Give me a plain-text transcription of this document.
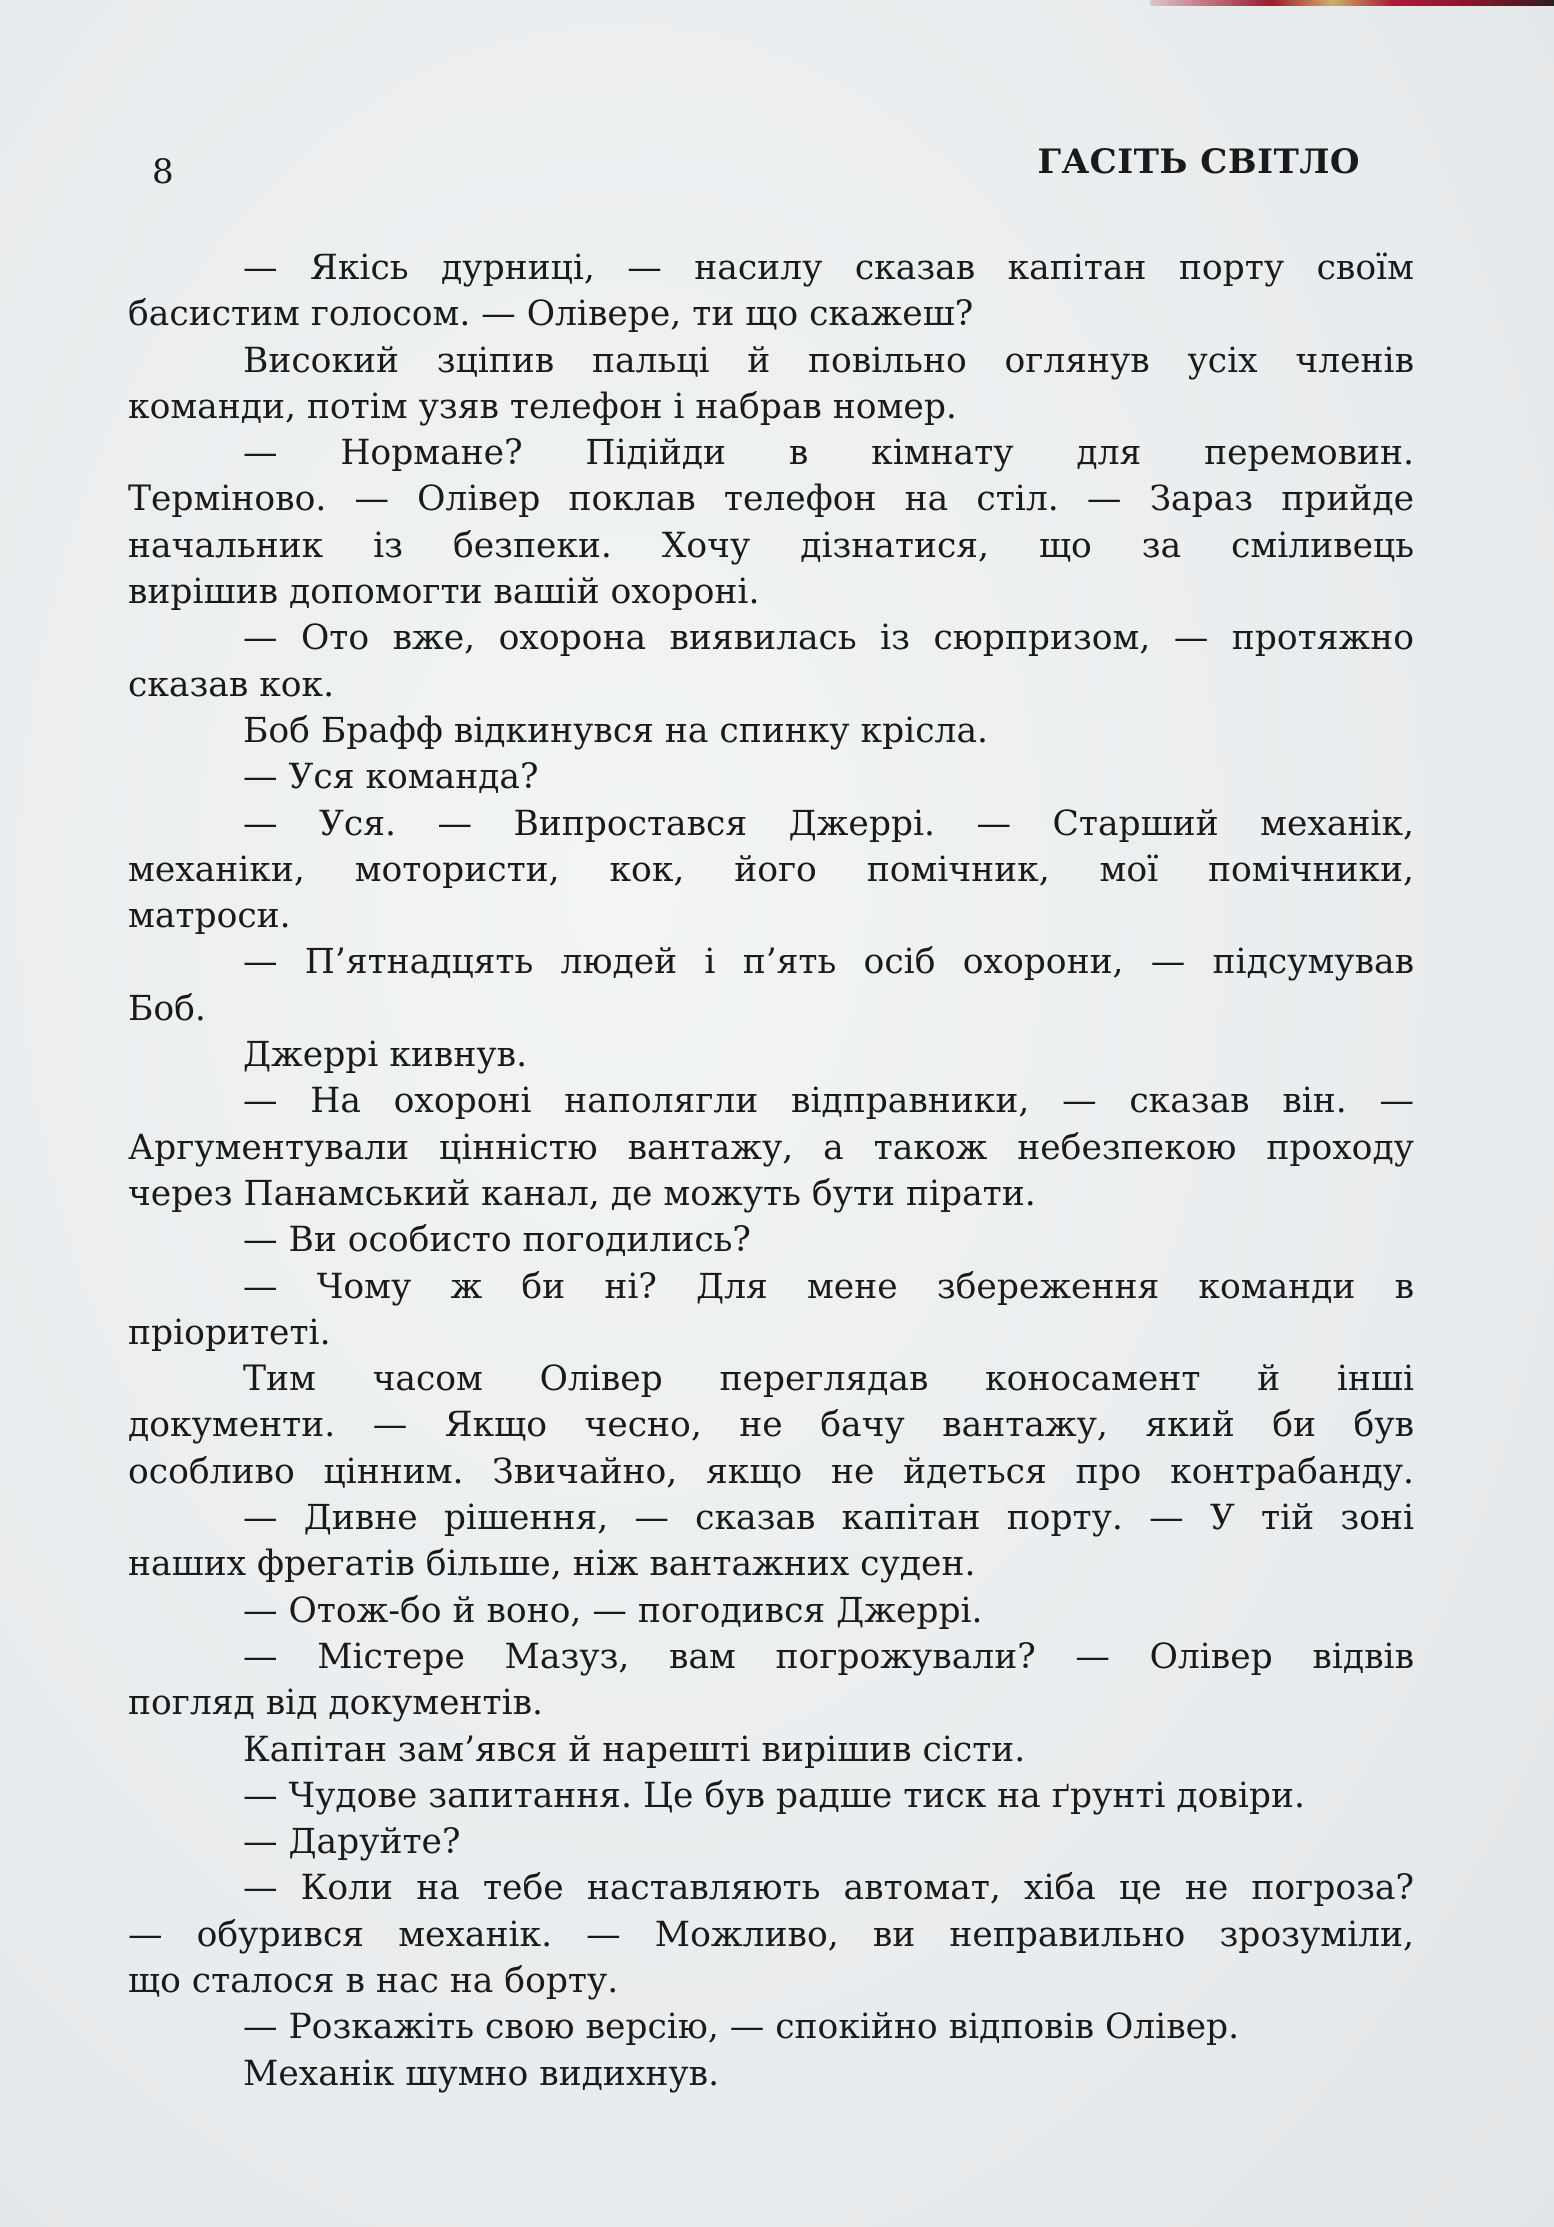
8	ГАСІТЬ СВІТЛО
— Якісь дурниці, — насилу сказав капітан порту своїм
басистим голосом. — Олівере, ти що скажеш?
Високий зціпив пальці й повільно оглянув усіх членів
команди, потім узяв телефон і набрав номер.
— Нормане? Підійди в кімнату для перемовин.
Терміново. — Олівер поклав телефон на стіл. — Зараз прийде
начальник із безпеки. Хочу дізнатися, що за сміливець
вирішив допомогти вашій охороні.
— Ото вже, охорона виявилась із сюрпризом, — протяжно
сказав кок.
Боб Брафф відкинувся на спинку крісла.
— Уся команда?
— Уся. — Випростався Джеррі. — Старший механік,
механіки, мотористи, кок, його помічник, мої помічники,
матроси.
— П’ятнадцять людей і п’ять осіб охорони, — підсумував
Боб.
Джеррі кивнув.
— На охороні наполягли відправники, — сказав він. —
Аргументували цінністю вантажу, а також небезпекою проходу
через Панамський канал, де можуть бути пірати.
— Ви особисто погодились?
— Чому ж би ні? Для мене збереження команди в
пріоритеті.
Тим часом Олівер переглядав коносамент й інші
документи. — Якщо чесно, не бачу вантажу, який би був
особливо цінним. Звичайно, якщо не йдеться про контрабанду.
— Дивне рішення, — сказав капітан порту. — У тій зоні
наших фрегатів більше, ніж вантажних суден.
— Отож-бо й воно, — погодився Джеррі.
— Містере Мазуз, вам погрожували? — Олівер відвів
погляд від документів.
Капітан зам’явся й нарешті вирішив сісти.
— Чудове запитання. Це був радше тиск на ґрунті довіри.
— Даруйте?
— Коли на тебе наставляють автомат, хіба це не погроза?
— обурився механік. — Можливо, ви неправильно зрозуміли,
що сталося в нас на борту.
— Розкажіть свою версію, — спокійно відповів Олівер.
Механік шумно видихнув.
